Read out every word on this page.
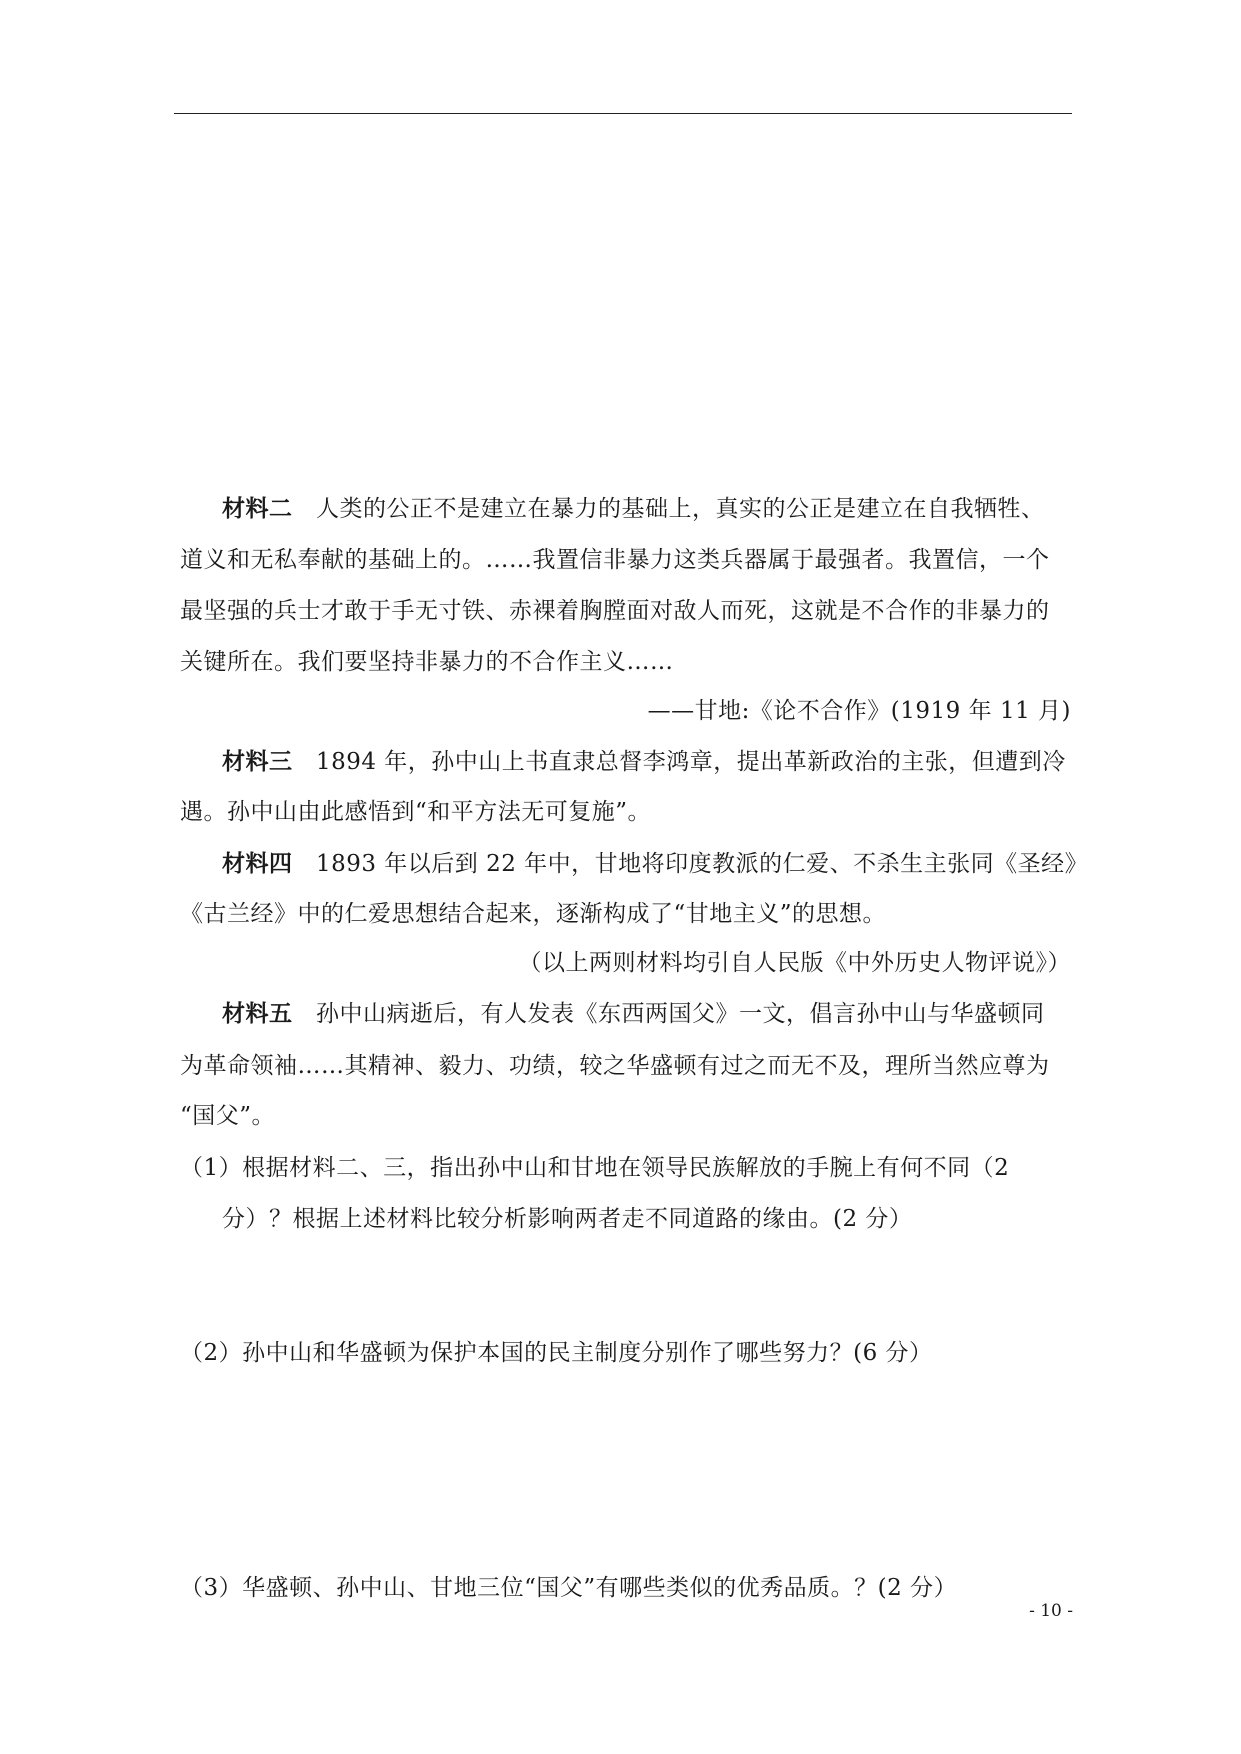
材料二 人类的公正不是建立在暴力的基础上，真实的公正是建立在自我牺牲、
道义和无私奉献的基础上的。……我置信非暴力这类兵器属于最强者。我置信，一个
最坚强的兵士才敢于手无寸铁、赤裸着胸膛面对敌人而死，这就是不合作的非暴力的
关键所在。我们要坚持非暴力的不合作主义……
——甘地:《论不合作》(1919 年 11 月)
材料三 1894 年，孙中山上书直隶总督李鸿章，提出革新政治的主张，但遭到冷
遇。孙中山由此感悟到“和平方法无可复施”。
材料四 1893 年以后到 22 年中，甘地将印度教派的仁爱、不杀生主张同《圣经》
《古兰经》中的仁爱思想结合起来，逐渐构成了“甘地主义”的思想。
（以上两则材料均引自人民版《中外历史人物评说》）
材料五 孙中山病逝后，有人发表《东西两国父》一文，倡言孙中山与华盛顿同
为革命领袖……其精神、毅力、功绩，较之华盛顿有过之而无不及，理所当然应尊为
“国父”。
（1）根据材料二、三，指出孙中山和甘地在领导民族解放的手腕上有何不同（2
分）？根据上述材料比较分析影响两者走不同道路的缘由。(2 分）
（2）孙中山和华盛顿为保护本国的民主制度分别作了哪些努力？(6 分）
（3）华盛顿、孙中山、甘地三位“国父”有哪些类似的优秀品质。？(2 分）
- 10 -
